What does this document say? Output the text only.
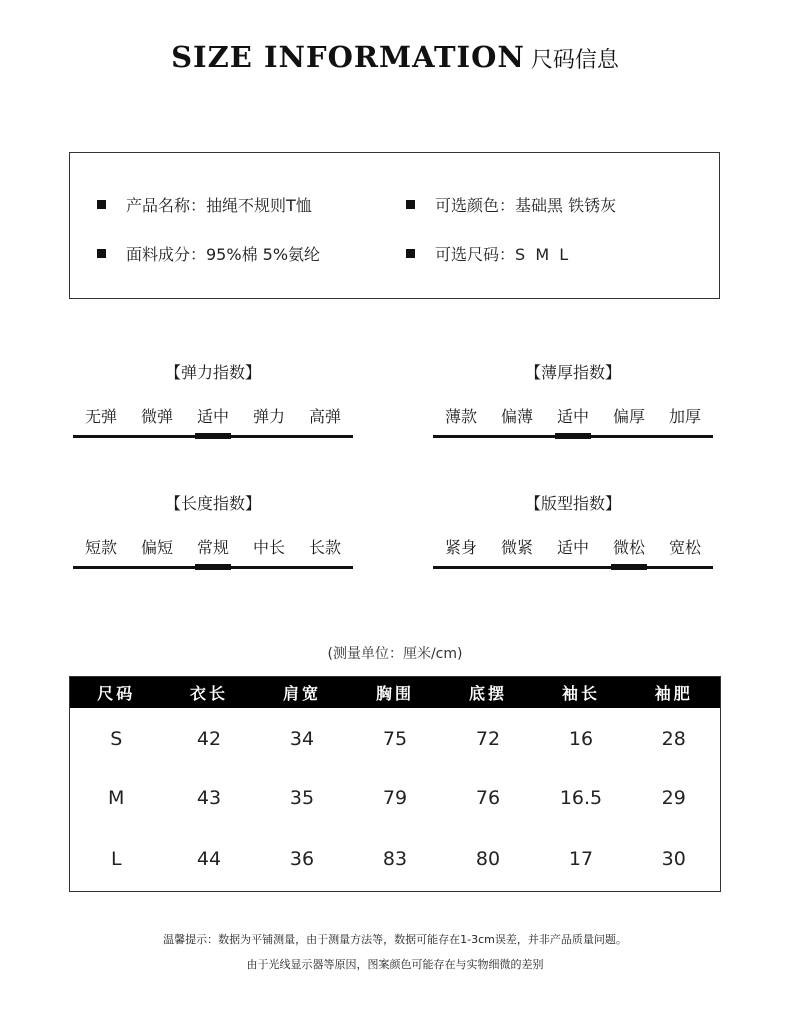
SIZE INFORMATION 尺码信息
产品名称：抽绳不规则T恤	可选颜色：基础黑 铁锈灰
面料成分：95%棉 5%氨纶	可选尺码：S  M  L
【弹力指数】
无弹	微弹	适中	弹力	高弹
【薄厚指数】
薄款	偏薄	适中	偏厚	加厚
【长度指数】
短款	偏短	常规	中长	长款
【版型指数】
紧身	微紧	适中	微松	宽松
(测量单位：厘米/cm)
尺码	衣长	肩宽	胸围	底摆	袖长	袖肥
S	42	34	75	72	16	28
M	43	35	79	76	16.5	29
L	44	36	83	80	17	30
温馨提示：数据为平铺测量，由于测量方法等，数据可能存在1-3cm误差，并非产品质量问题。
由于光线显示器等原因，图案颜色可能存在与实物细微的差别
